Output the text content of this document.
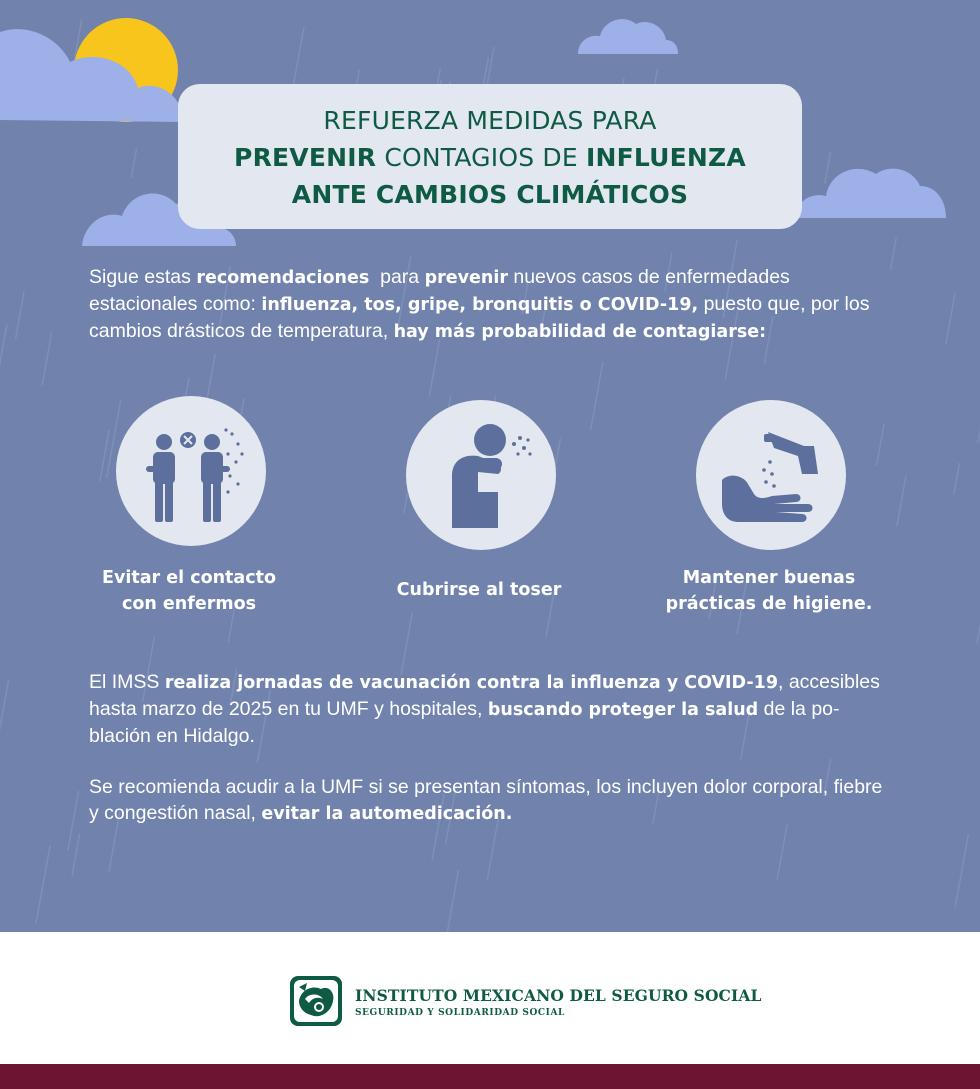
REFUERZA MEDIDAS PARA
PREVENIR CONTAGIOS DE INFLUENZA
ANTE CAMBIOS CLIMÁTICOS

Sigue estas recomendaciones  para prevenir nuevos casos de enfermedades estacionales como: influenza, tos, gripe, bronquitis o COVID-19, puesto que, por los cambios drásticos de temperatura, hay más probabilidad de contagiarse:

Evitar el contacto
con enfermos
Cubrirse al toser
Mantener buenas
prácticas de higiene.

El IMSS realiza jornadas de vacunación contra la influenza y COVID-19, accesibles hasta marzo de 2025 en tu UMF y hospitales, buscando proteger la salud de la po-blación en Hidalgo.

Se recomienda acudir a la UMF si se presentan síntomas, los incluyen dolor corporal, fiebre y congestión nasal, evitar la automedicación.

INSTITUTO MEXICANO DEL SEGURO SOCIAL
SEGURIDAD Y SOLIDARIDAD SOCIAL
